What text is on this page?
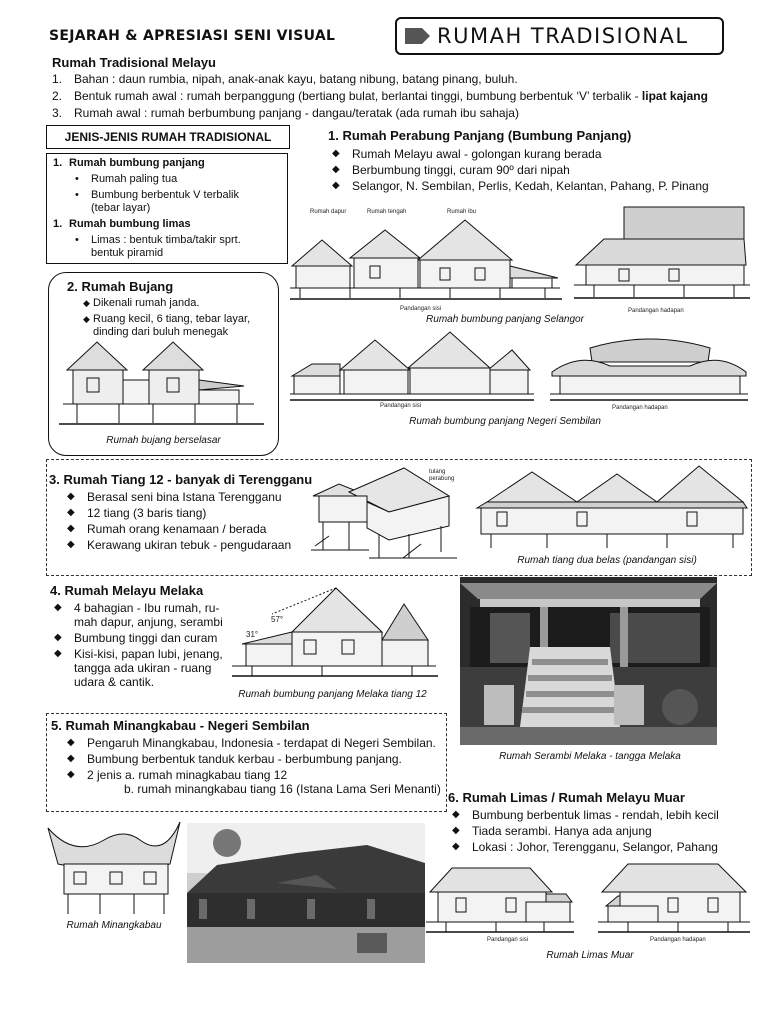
SEJARAH & APRESIASI SENI VISUAL	RUMAH TRADISIONAL
Rumah Tradisional Melayu
1. Bahan : daun rumbia, nipah, anak-anak kayu, batang nibung, batang pinang, buluh.
2. Bentuk rumah awal : rumah berpanggung (bertiang bulat, berlantai tinggi, bumbung berbentuk ‘V’ terbalik - lipat kajang
3. Rumah awal : rumah berbumbung panjang - dangau/teratak (ada rumah ibu sahaja)
JENIS-JENIS RUMAH TRADISIONAL
1. Rumah bumbung panjang
• Rumah paling tua
• Bumbung berbentuk V terbalik (tebar layar)
1. Rumah bumbung limas
• Limas : bentuk timba/takir sprt. bentuk piramid
2. Rumah Bujang
◆ Dikenali rumah janda.
◆ Ruang kecil, 6 tiang, tebar layar, dinding dari buluh menegak
Rumah bujang berselasar
1. Rumah Perabung Panjang (Bumbung Panjang)
◆ Rumah Melayu awal - golongan kurang berada
◆ Berbumbung tinggi, curam 90º dari nipah
◆ Selangor, N. Sembilan, Perlis, Kedah, Kelantan, Pahang, P. Pinang
Rumah dapur	Rumah tengah	Rumah ibu
Pandangan sisi	Pandangan hadapan
Rumah bumbung panjang Selangor
Pandangan sisi	Pandangan hadapan
Rumah bumbung panjang Negeri Sembilan
3. Rumah Tiang 12 - banyak di Terengganu
◆ Berasal seni bina Istana Terengganu
◆ 12 tiang (3 baris tiang)
◆ Rumah orang kenamaan / berada
◆ Kerawang ukiran tebuk - pengudaraan
tulang perabung
Rumah tiang dua belas (pandangan sisi)
4. Rumah Melayu Melaka
◆ 4 bahagian - Ibu rumah, ru-mah dapur, anjung, serambi
◆ Bumbung tinggi dan curam
◆ Kisi-kisi, papan lubi, jenang, tangga ada ukiran - ruang udara & cantik.
57°
31°
Rumah bumbung panjang Melaka tiang 12
Rumah Serambi Melaka - tangga Melaka
5. Rumah Minangkabau - Negeri Sembilan
◆ Pengaruh Minangkabau, Indonesia - terdapat di Negeri Sembilan.
◆ Bumbung berbentuk tanduk kerbau - berbumbung panjang.
◆ 2 jenis a. rumah minagkabau tiang 12
b. rumah minangkabau tiang 16 (Istana Lama Seri Menanti)
Rumah Minangkabau
6. Rumah Limas / Rumah Melayu Muar
◆ Bumbung berbentuk limas - rendah, lebih kecil
◆ Tiada serambi. Hanya ada anjung
◆ Lokasi : Johor, Terengganu, Selangor, Pahang
Pandangan sisi	Pandangan hadapan
Rumah Limas Muar
